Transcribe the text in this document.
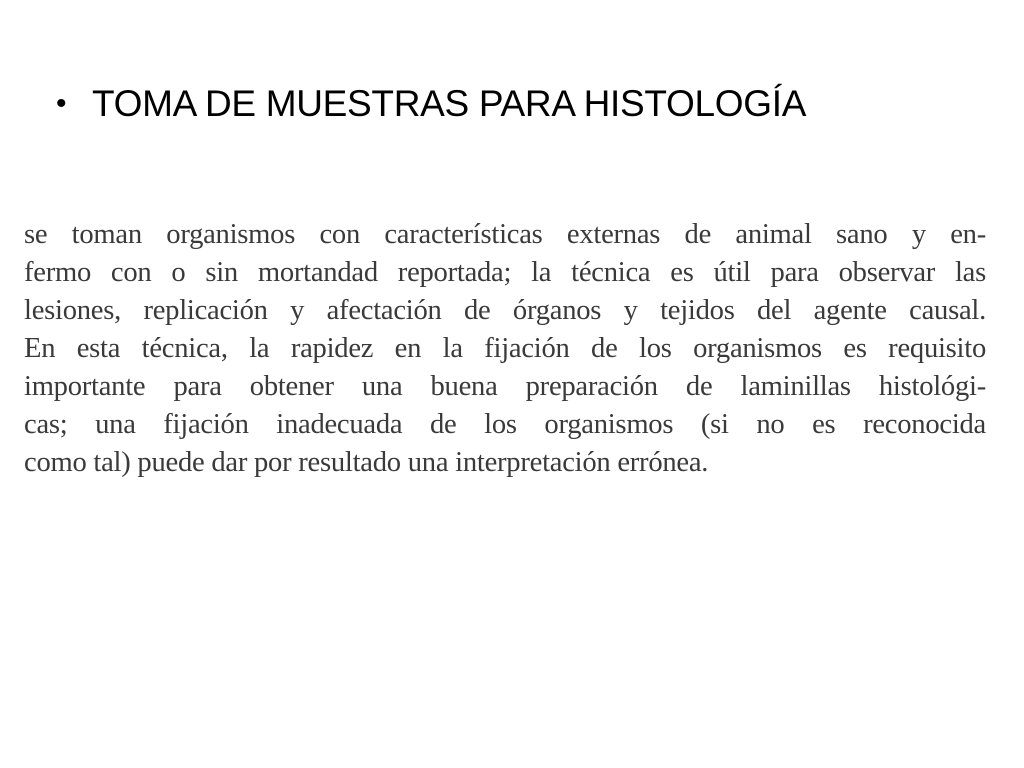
• TOMA DE MUESTRAS PARA HISTOLOGÍA
se toman organismos con características externas de animal sano y en-
fermo con o sin mortandad reportada; la técnica es útil para observar las
lesiones, replicación y afectación de órganos y tejidos del agente causal.
En esta técnica, la rapidez en la fijación de los organismos es requisito
importante para obtener una buena preparación de laminillas histológi-
cas; una fijación inadecuada de los organismos (si no es reconocida
como tal) puede dar por resultado una interpretación errónea.
